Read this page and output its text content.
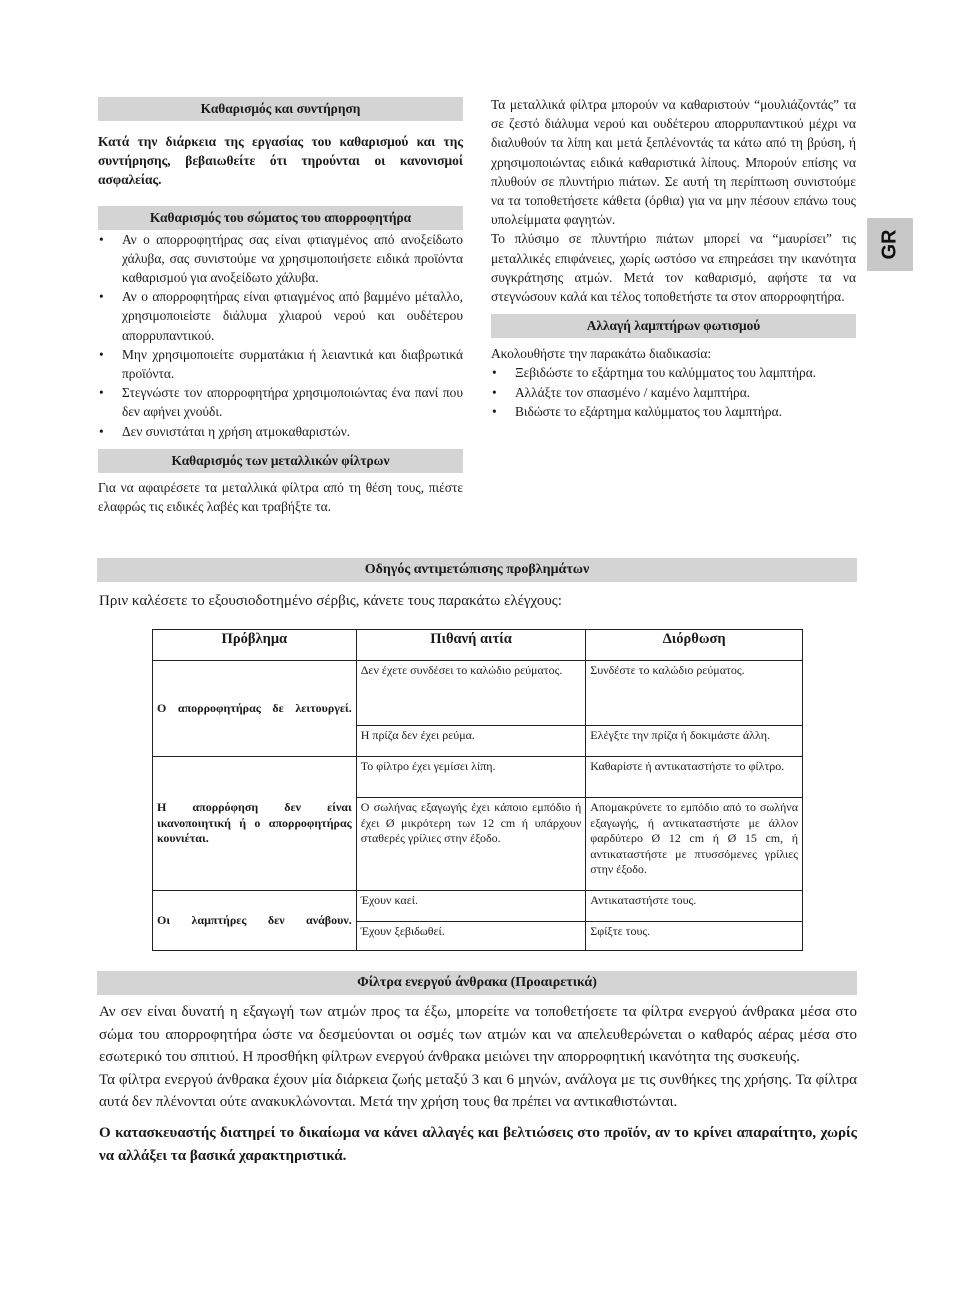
GR
Καθαρισμός και συντήρηση

Κατά την διάρκεια της εργασίας του καθαρισμού και της συντήρησης, βεβαιωθείτε ότι τηρούνται οι κανονισμοί ασφαλείας.

Καθαρισμός του σώματος του απορροφητήρα
• Αν ο απορροφητήρας σας είναι φτιαγμένος από ανοξείδωτο χάλυβα, σας συνιστούμε να χρησιμοποιήσετε ειδικά προϊόντα καθαρισμού για ανοξείδωτο χάλυβα.
• Αν ο απορροφητήρας είναι φτιαγμένος από βαμμένο μέταλλο, χρησιμοποιείστε διάλυμα χλιαρού νερού και ουδέτερου απορρυπαντικού.
• Μην χρησιμοποιείτε συρματάκια ή λειαντικά και διαβρωτικά προϊόντα.
• Στεγνώστε τον απορροφητήρα χρησιμοποιώντας ένα πανί που δεν αφήνει χνούδι.
• Δεν συνιστάται η χρήση ατμοκαθαριστών.
Καθαρισμός των μεταλλικών φίλτρων

Για να αφαιρέσετε τα μεταλλικά φίλτρα από τη θέση τους, πιέστε ελαφρώς τις ειδικές λαβές και τραβήξτε τα.

Τα μεταλλικά φίλτρα μπορούν να καθαριστούν “μουλιάζοντάς” τα σε ζεστό διάλυμα νερού και ουδέτερου απορρυπαντικού μέχρι να διαλυθούν τα λίπη και μετά ξεπλένοντάς τα κάτω από τη βρύση, ή χρησιμοποιώντας ειδικά καθαριστικά λίπους. Μπορούν επίσης να πλυθούν σε πλυντήριο πιάτων. Σε αυτή τη περίπτωση συνιστούμε να τα τοποθετήσετε κάθετα (όρθια) για να μην πέσουν επάνω τους υπολείμματα φαγητών.

Το πλύσιμο σε πλυντήριο πιάτων μπορεί να “μαυρίσει” τις μεταλλικές επιφάνειες, χωρίς ωστόσο να επηρεάσει την ικανότητα συγκράτησης ατμών. Μετά τον καθαρισμό, αφήστε τα να στεγνώσουν καλά και τέλος τοποθετήστε τα στον απορροφητήρα.

Αλλαγή λαμπτήρων φωτισμού

Ακολουθήστε την παρακάτω διαδικασία:

• Ξεβιδώστε το εξάρτημα του καλύμματος του λαμπτήρα.
• Αλλάξτε τον σπασμένο / καμένο λαμπτήρα.
• Βιδώστε το εξάρτημα καλύμματος του λαμπτήρα.
Οδηγός αντιμετώπισης προβλημάτων
Πριν καλέσετε το εξουσιοδοτημένο σέρβις, κάνετε τους παρακάτω ελέγχους:
Πρόβλημα	Πιθανή αιτία	Διόρθωση
Ο απορροφητήρας δε λειτουργεί.	Δεν έχετε συνδέσει το καλώδιο ρεύματος.	Συνδέστε το καλώδιο ρεύματος.
	Η πρίζα δεν έχει ρεύμα.	Ελέγξτε την πρίζα ή δοκιμάστε άλλη.
Η απορρόφηση δεν είναι ικανοποιητική ή ο απορροφητήρας κουνιέται.	Το φίλτρο έχει γεμίσει λίπη.	Καθαρίστε ή αντικαταστήστε το φίλτρο.
	Ο σωλήνας εξαγωγής έχει κάποιο εμπόδιο ή έχει Ø μικρότερη των 12 cm ή υπάρχουν σταθερές γρίλιες στην έξοδο.	Απομακρύνετε το εμπόδιο από το σωλήνα εξαγωγής, ή αντικαταστήστε με άλλον φαρδύτερο Ø 12 cm ή Ø 15 cm, ή αντικαταστήστε με πτυσσόμενες γρίλιες στην έξοδο.
Οι λαμπτήρες δεν ανάβουν.	Έχουν καεί.	Αντικαταστήστε τους.
	Έχουν ξεβιδωθεί.	Σφίξτε τους.
Φίλτρα ενεργού άνθρακα (Προαιρετικά)

Αν σεν είναι δυνατή η εξαγωγή των ατμών προς τα έξω, μπορείτε να τοποθετήσετε τα φίλτρα ενεργού άνθρακα μέσα στο σώμα του απορροφητήρα ώστε να δεσμεύονται οι οσμές των ατμών και να απελευθερώνεται ο καθαρός αέρας μέσα στο εσωτερικό του σπιτιού. Η προσθήκη φίλτρων ενεργού άνθρακα μειώνει την απορροφητική ικανότητα της συσκευής.

Τα φίλτρα ενεργού άνθρακα έχουν μία διάρκεια ζωής μεταξύ 3 και 6 μηνών, ανάλογα με τις συνθήκες της χρήσης. Τα φίλτρα αυτά δεν πλένονται ούτε ανακυκλώνονται. Μετά την χρήση τους θα πρέπει να αντικαθιστώνται.

Ο κατασκευαστής διατηρεί το δικαίωμα να κάνει αλλαγές και βελτιώσεις στο προϊόν, αν το κρίνει απαραίτητο, χωρίς να αλλάξει τα βασικά χαρακτηριστικά.
